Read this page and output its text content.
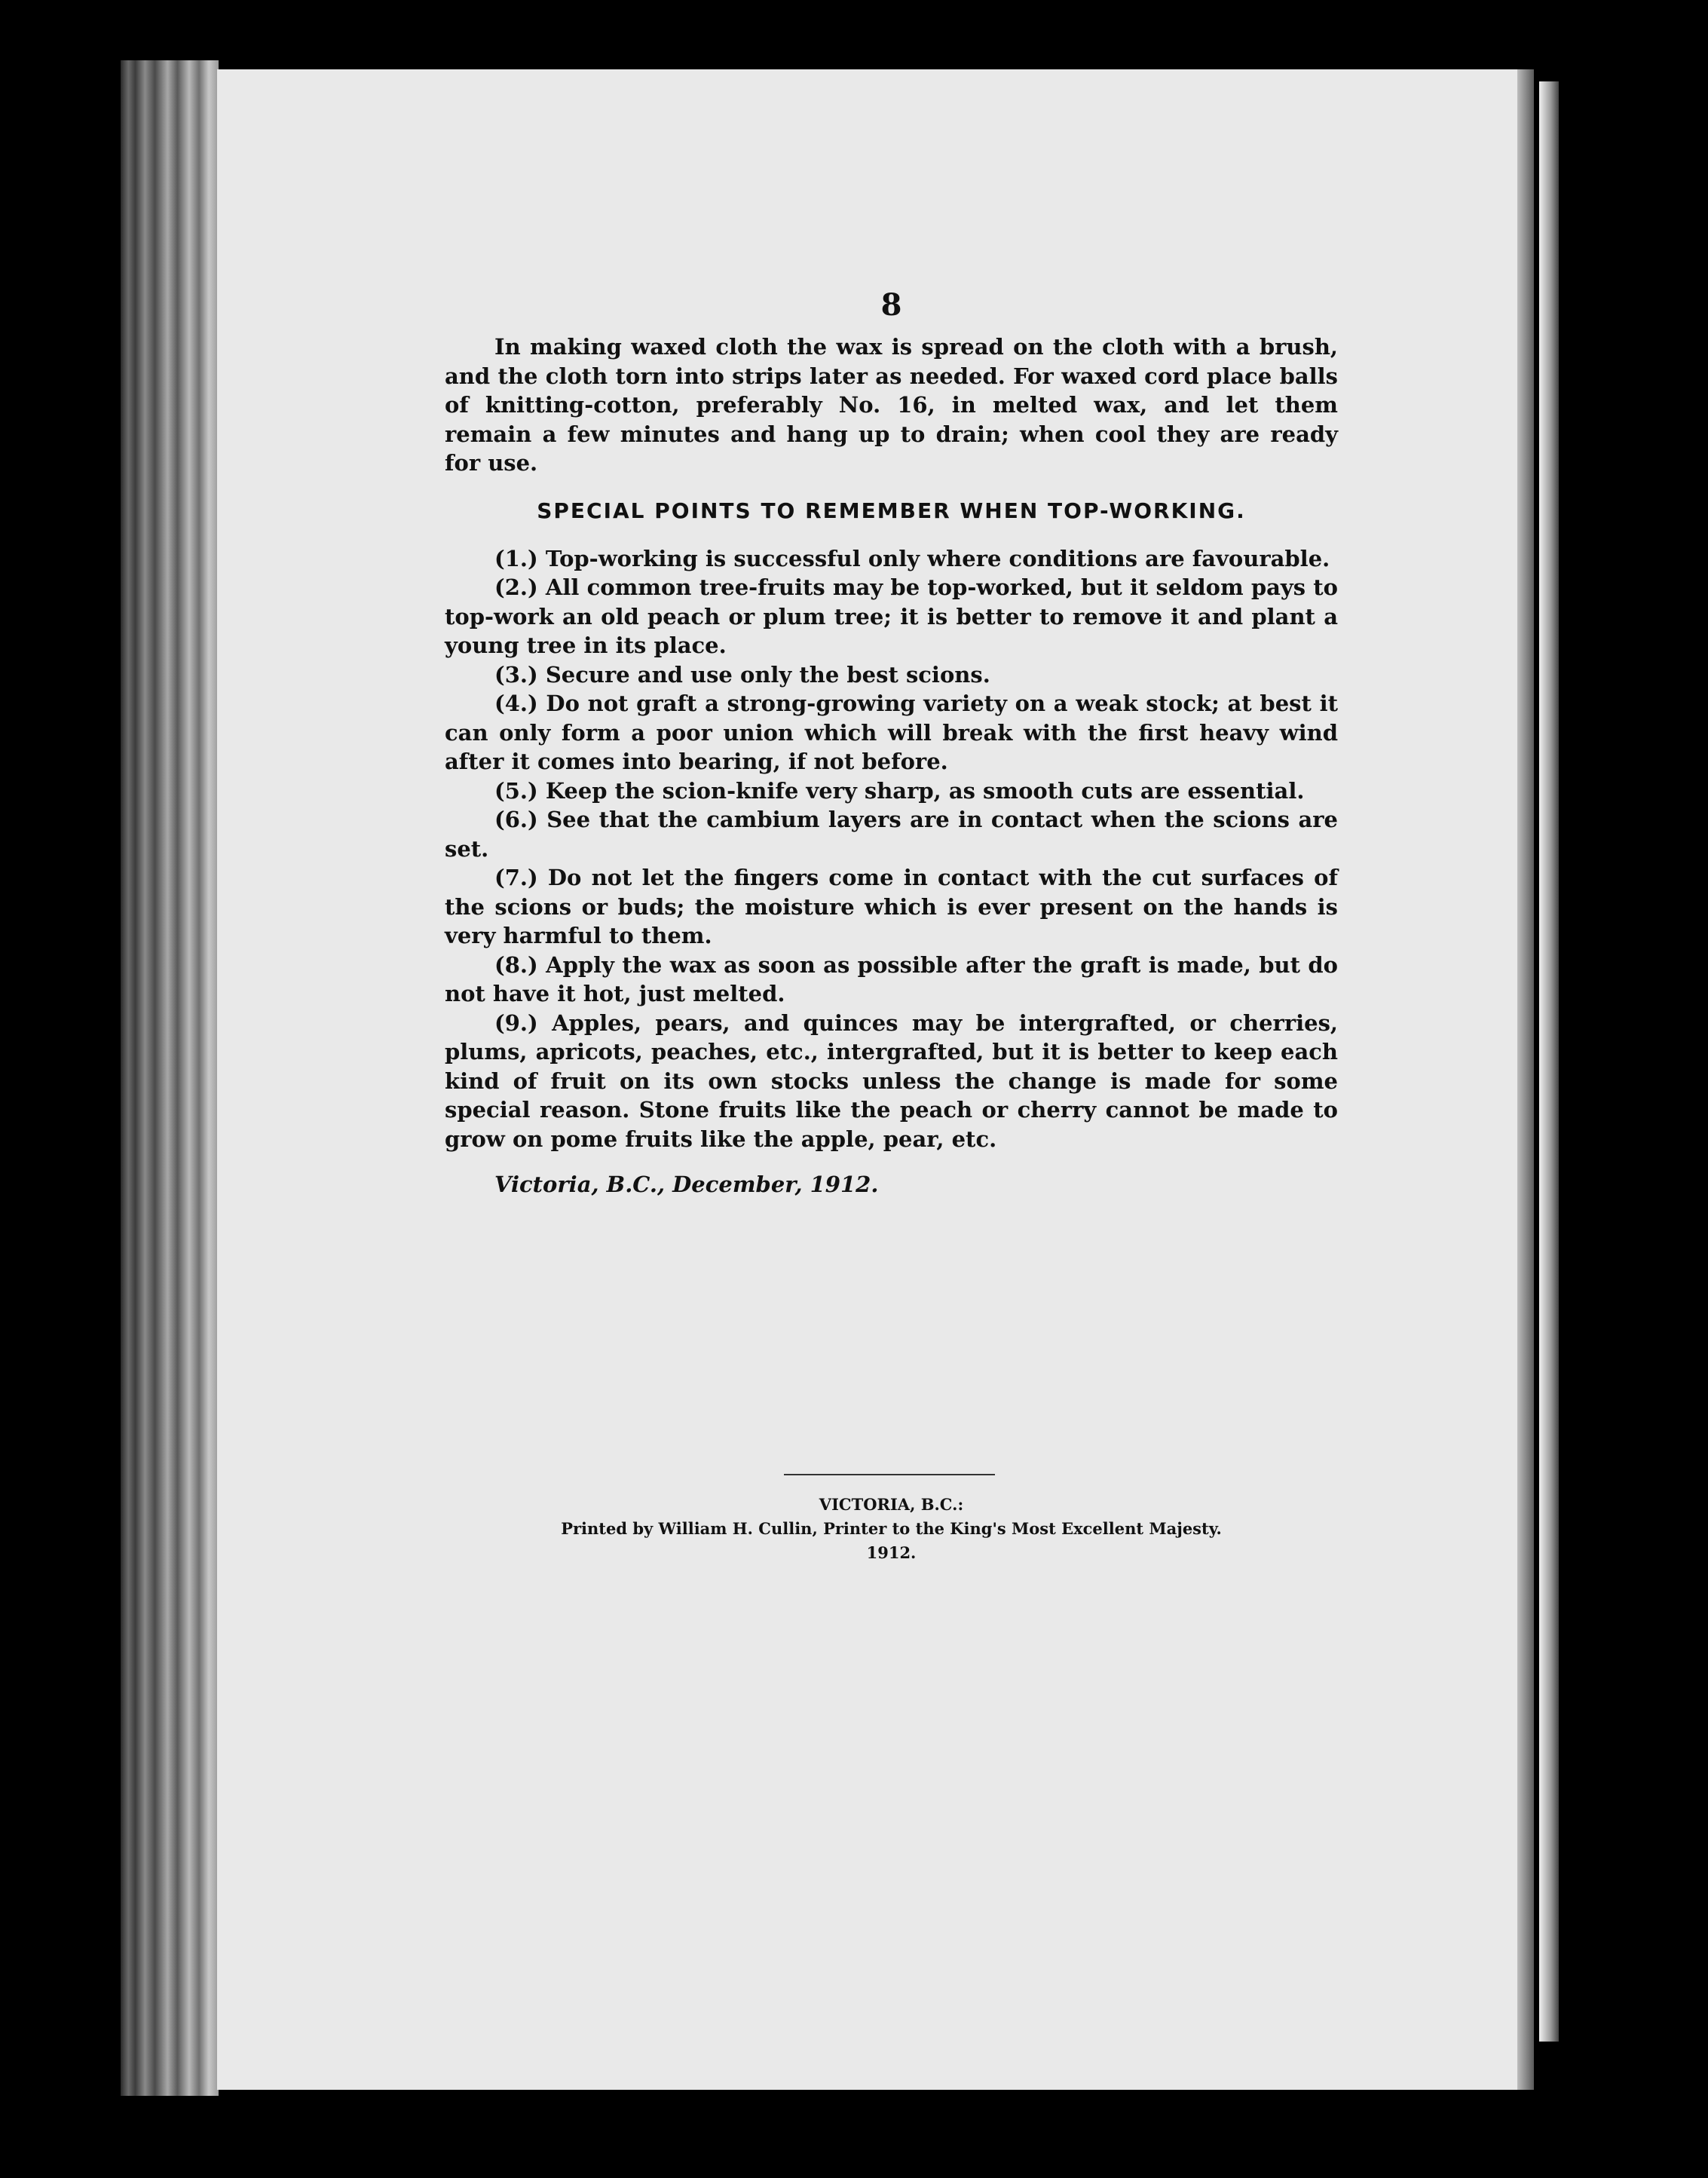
8

In making waxed cloth the wax is spread on the cloth with a brush, and the cloth torn into strips later as needed. For waxed cord place balls of knitting-cotton, preferably No. 16, in melted wax, and let them remain a few minutes and hang up to drain; when cool they are ready for use.

SPECIAL POINTS TO REMEMBER WHEN TOP-WORKING.

(1.) Top-working is successful only where conditions are favourable.

(2.) All common tree-fruits may be top-worked, but it seldom pays to top-work an old peach or plum tree; it is better to remove it and plant a young tree in its place.

(3.) Secure and use only the best scions.

(4.) Do not graft a strong-growing variety on a weak stock; at best it can only form a poor union which will break with the first heavy wind after it comes into bearing, if not before.

(5.) Keep the scion-knife very sharp, as smooth cuts are essential.

(6.) See that the cambium layers are in contact when the scions are set.

(7.) Do not let the fingers come in contact with the cut surfaces of the scions or buds; the moisture which is ever present on the hands is very harmful to them.

(8.) Apply the wax as soon as possible after the graft is made, but do not have it hot, just melted.

(9.) Apples, pears, and quinces may be intergrafted, or cherries, plums, apricots, peaches, etc., intergrafted, but it is better to keep each kind of fruit on its own stocks unless the change is made for some special reason. Stone fruits like the peach or cherry cannot be made to grow on pome fruits like the apple, pear, etc.

Victoria, B.C., December, 1912.
VICTORIA, B.C.:
Printed by William H. Cullin, Printer to the King's Most Excellent Majesty.
1912.
